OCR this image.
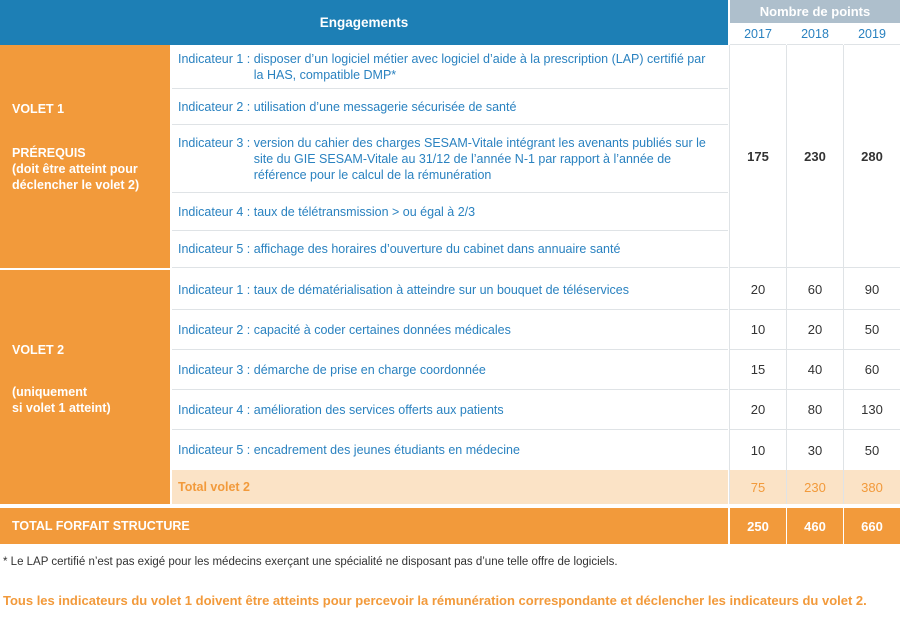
Engagements
Nombre de points
2017	2018	2019
VOLET 1
PRÉREQUIS
(doit être atteint pour
déclencher le volet 2)
Indicateur 1 : disposer d’un logiciel métier avec logiciel d’aide à la prescription (LAP) certifié par la HAS, compatible DMP*
Indicateur 2 : utilisation d’une messagerie sécurisée de santé
Indicateur 3 : version du cahier des charges SESAM-Vitale intégrant les avenants publiés sur le site du GIE SESAM-Vitale au 31/12 de l’année N-1 par rapport à l’année de référence pour le calcul de la rémunération
Indicateur 4 : taux de télétransmission > ou égal à 2/3
Indicateur 5 : affichage des horaires d’ouverture du cabinet dans annuaire santé
175	230	280
VOLET 2
(uniquement
si volet 1 atteint)
Indicateur 1 : taux de dématérialisation à atteindre sur un bouquet de téléservices	20	60	90
Indicateur 2 : capacité à coder certaines données médicales	10	20	50
Indicateur 3 : démarche de prise en charge coordonnée	15	40	60
Indicateur 4 : amélioration des services offerts aux patients	20	80	130
Indicateur 5 : encadrement des jeunes étudiants en médecine	10	30	50
Total volet 2	75	230	380
TOTAL FORFAIT STRUCTURE	250	460	660
* Le LAP certifié n’est pas exigé pour les médecins exerçant une spécialité ne disposant pas d’une telle offre de logiciels.
Tous les indicateurs du volet 1 doivent être atteints pour percevoir la rémunération correspondante et déclencher les indicateurs du volet 2.
